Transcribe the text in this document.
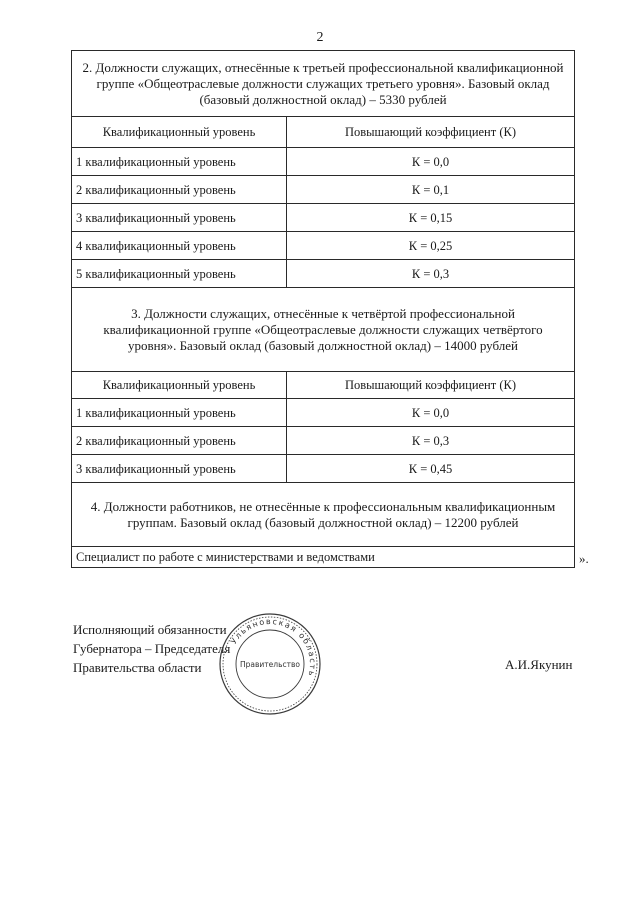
2
2. Должности служащих, отнесённые к третьей профессиональной квалификационной группе «Общеотраслевые должности служащих третьего уровня». Базовый оклад (базовый должностной оклад) – 5330 рублей	
Квалификационный уровень	Повышающий коэффициент (К)
1 квалификационный уровень	К = 0,0
2 квалификационный уровень	К = 0,1
3 квалификационный уровень	К = 0,15
4 квалификационный уровень	К = 0,25
5 квалификационный уровень	К = 0,3
3. Должности служащих, отнесённые к четвёртой профессиональной квалификационной группе «Общеотраслевые должности служащих четвёртого уровня». Базовый оклад (базовый должностной оклад) – 14000 рублей	
Квалификационный уровень	Повышающий коэффициент (К)
1 квалификационный уровень	К = 0,0
2 квалификационный уровень	К = 0,3
3 квалификационный уровень	К = 0,45
4. Должности работников, не отнесённые к профессиональным квалификационным группам. Базовый оклад (базовый должностной оклад) – 12200 рублей	
Специалист по работе с министерствами и ведомствами		».
Исполняющий обязанности
Губернатора – Председателя
Правительства области	А.И.Якунин
Ульяновская область
Правительство
